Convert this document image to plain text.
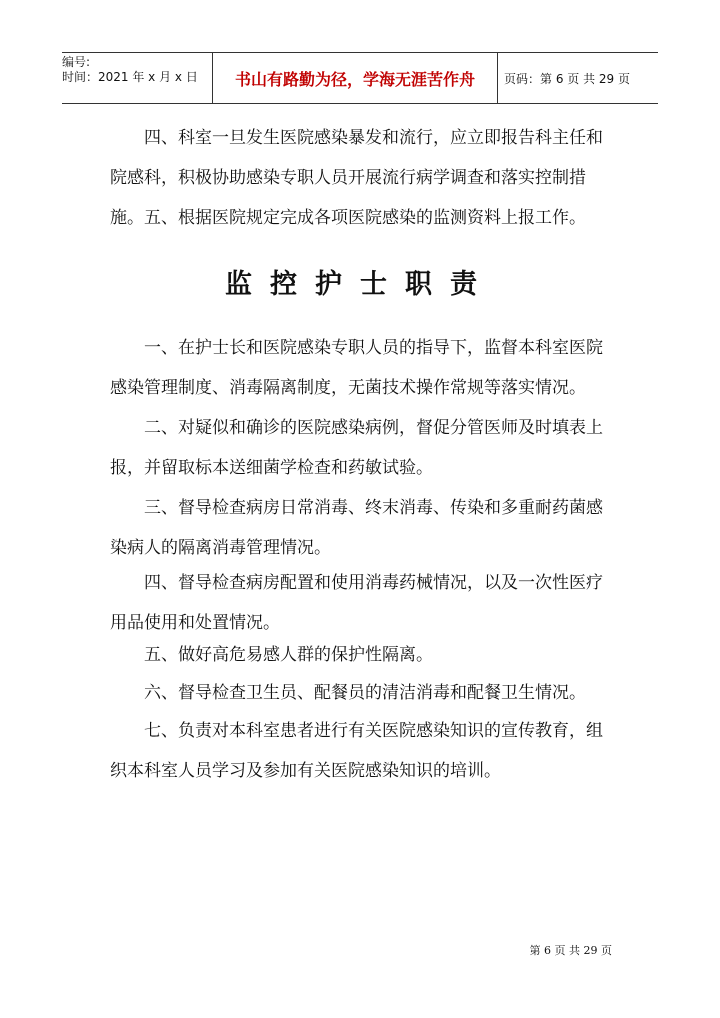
编号:
时间：2021 年 x 月 x 日	书山有路勤为径，学海无涯苦作舟	页码：第 6 页 共 29 页

四、科室一旦发生医院感染暴发和流行，应立即报告科主任和院感科，积极协助感染专职人员开展流行病学调查和落实控制措施。 五、根据医院规定完成各项医院感染的监测资料上报工作。

监控护士职责

一、在护士长和医院感染专职人员的指导下，监督本科室医院感染管理制度、消毒隔离制度，无菌技术操作常规等落实情况。

二、对疑似和确诊的医院感染病例，督促分管医师及时填表上报，并留取标本送细菌学检查和药敏试验。

三、督导检查病房日常消毒、终末消毒、传染和多重耐药菌感染病人的隔离消毒管理情况。

四、督导检查病房配置和使用消毒药械情况，以及一次性医疗用品使用和处置情况。

五、做好高危易感人群的保护性隔离。

六、督导检查卫生员、配餐员的清洁消毒和配餐卫生情况。

七、负责对本科室患者进行有关医院感染知识的宣传教育，组织本科室人员学习及参加有关医院感染知识的培训。

第 6 页 共 29 页
